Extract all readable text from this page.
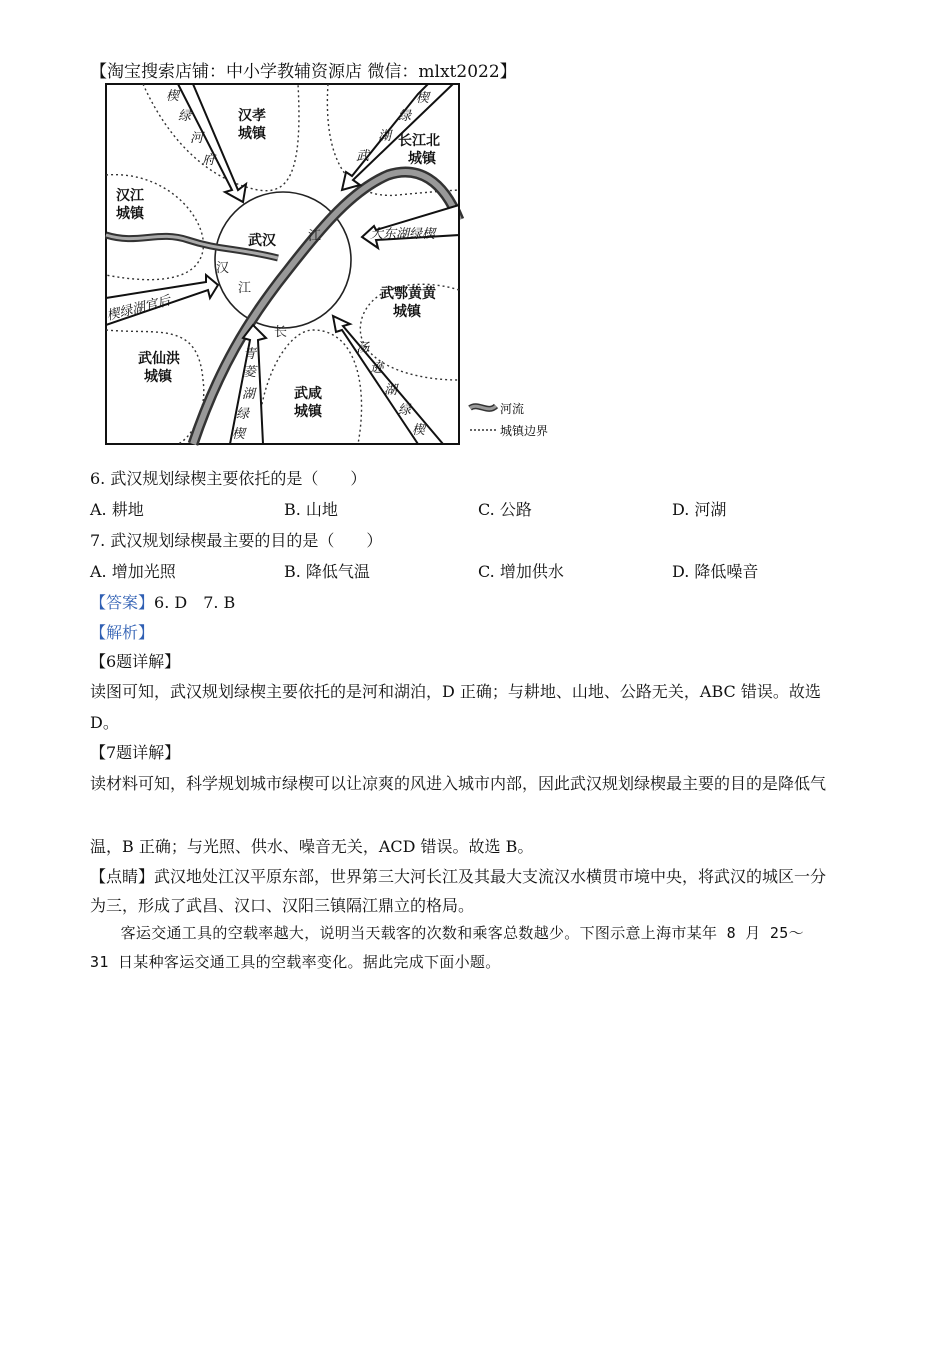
【淘宝搜索店铺：中小学教辅资源店 微信：mlxt2022】
汉孝
城镇
汉江
城镇
长江北
城镇
武鄂黄黄
城镇
武仙洪
城镇
武咸
城镇
武汉
楔
绿
河
府
楔
绿
湖
武
大东湖绿楔
楔绿湖官后
青
菱
湖
绿
楔
汤
逊
湖
绿
楔
汉
江
江
长
河流
城镇边界
6. 武汉规划绿楔主要依托的是（　　）
A. 耕地	B. 山地	C. 公路	D. 河湖
7. 武汉规划绿楔最主要的目的是（　　）
A. 增加光照	B. 降低气温	C. 增加供水	D. 降低噪音
【答案】6. D　7. B
【解析】
【6题详解】
读图可知，武汉规划绿楔主要依托的是河和湖泊，D 正确；与耕地、山地、公路无关，ABC 错误。故选
D。
【7题详解】
读材料可知，科学规划城市绿楔可以让凉爽的风进入城市内部，因此武汉规划绿楔最主要的目的是降低气
温，B 正确；与光照、供水、噪音无关，ACD 错误。故选 B。
【点睛】武汉地处江汉平原东部，世界第三大河长江及其最大支流汉水横贯市境中央，将武汉的城区一分
为三，形成了武昌、汉口、汉阳三镇隔江鼎立的格局。
　　客运交通工具的空载率越大，说明当天载客的次数和乘客总数越少。下图示意上海市某年 8 月 25～
31 日某种客运交通工具的空载率变化。据此完成下面小题。
